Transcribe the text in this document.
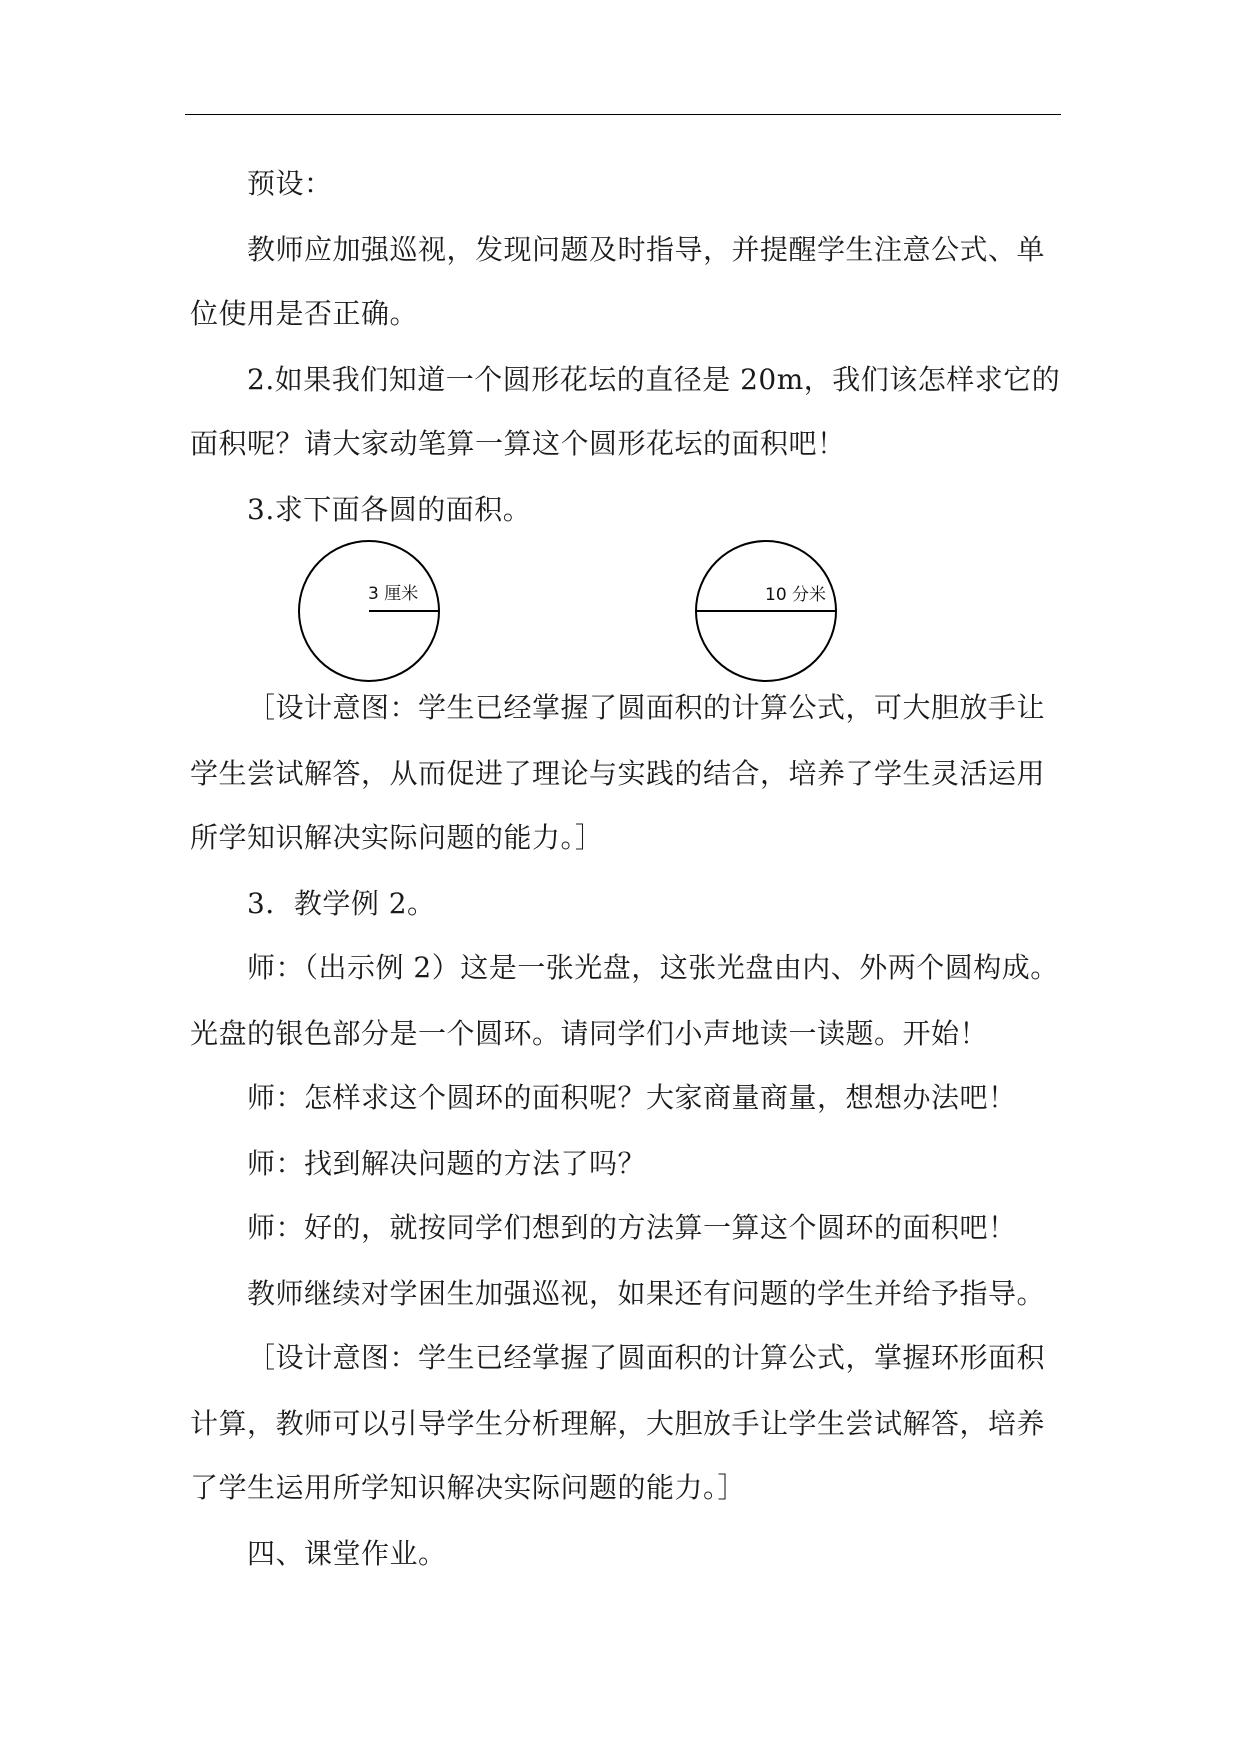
预设：
教师应加强巡视，发现问题及时指导，并提醒学生注意公式、单
位使用是否正确。
2.如果我们知道一个圆形花坛的直径是 20m，我们该怎样求它的
面积呢？请大家动笔算一算这个圆形花坛的面积吧！
3.求下面各圆的面积。
3 厘米	10 分米
［设计意图：学生已经掌握了圆面积的计算公式，可大胆放手让
学生尝试解答，从而促进了理论与实践的结合，培养了学生灵活运用
所学知识解决实际问题的能力。］
3．教学例 2。
师：（出示例 2）这是一张光盘，这张光盘由内、外两个圆构成。
光盘的银色部分是一个圆环。请同学们小声地读一读题。开始！
师：怎样求这个圆环的面积呢？大家商量商量，想想办法吧！
师：找到解决问题的方法了吗？
师：好的，就按同学们想到的方法算一算这个圆环的面积吧！
教师继续对学困生加强巡视，如果还有问题的学生并给予指导。
［设计意图：学生已经掌握了圆面积的计算公式，掌握环形面积
计算，教师可以引导学生分析理解，大胆放手让学生尝试解答，培养
了学生运用所学知识解决实际问题的能力。］
四、课堂作业。
